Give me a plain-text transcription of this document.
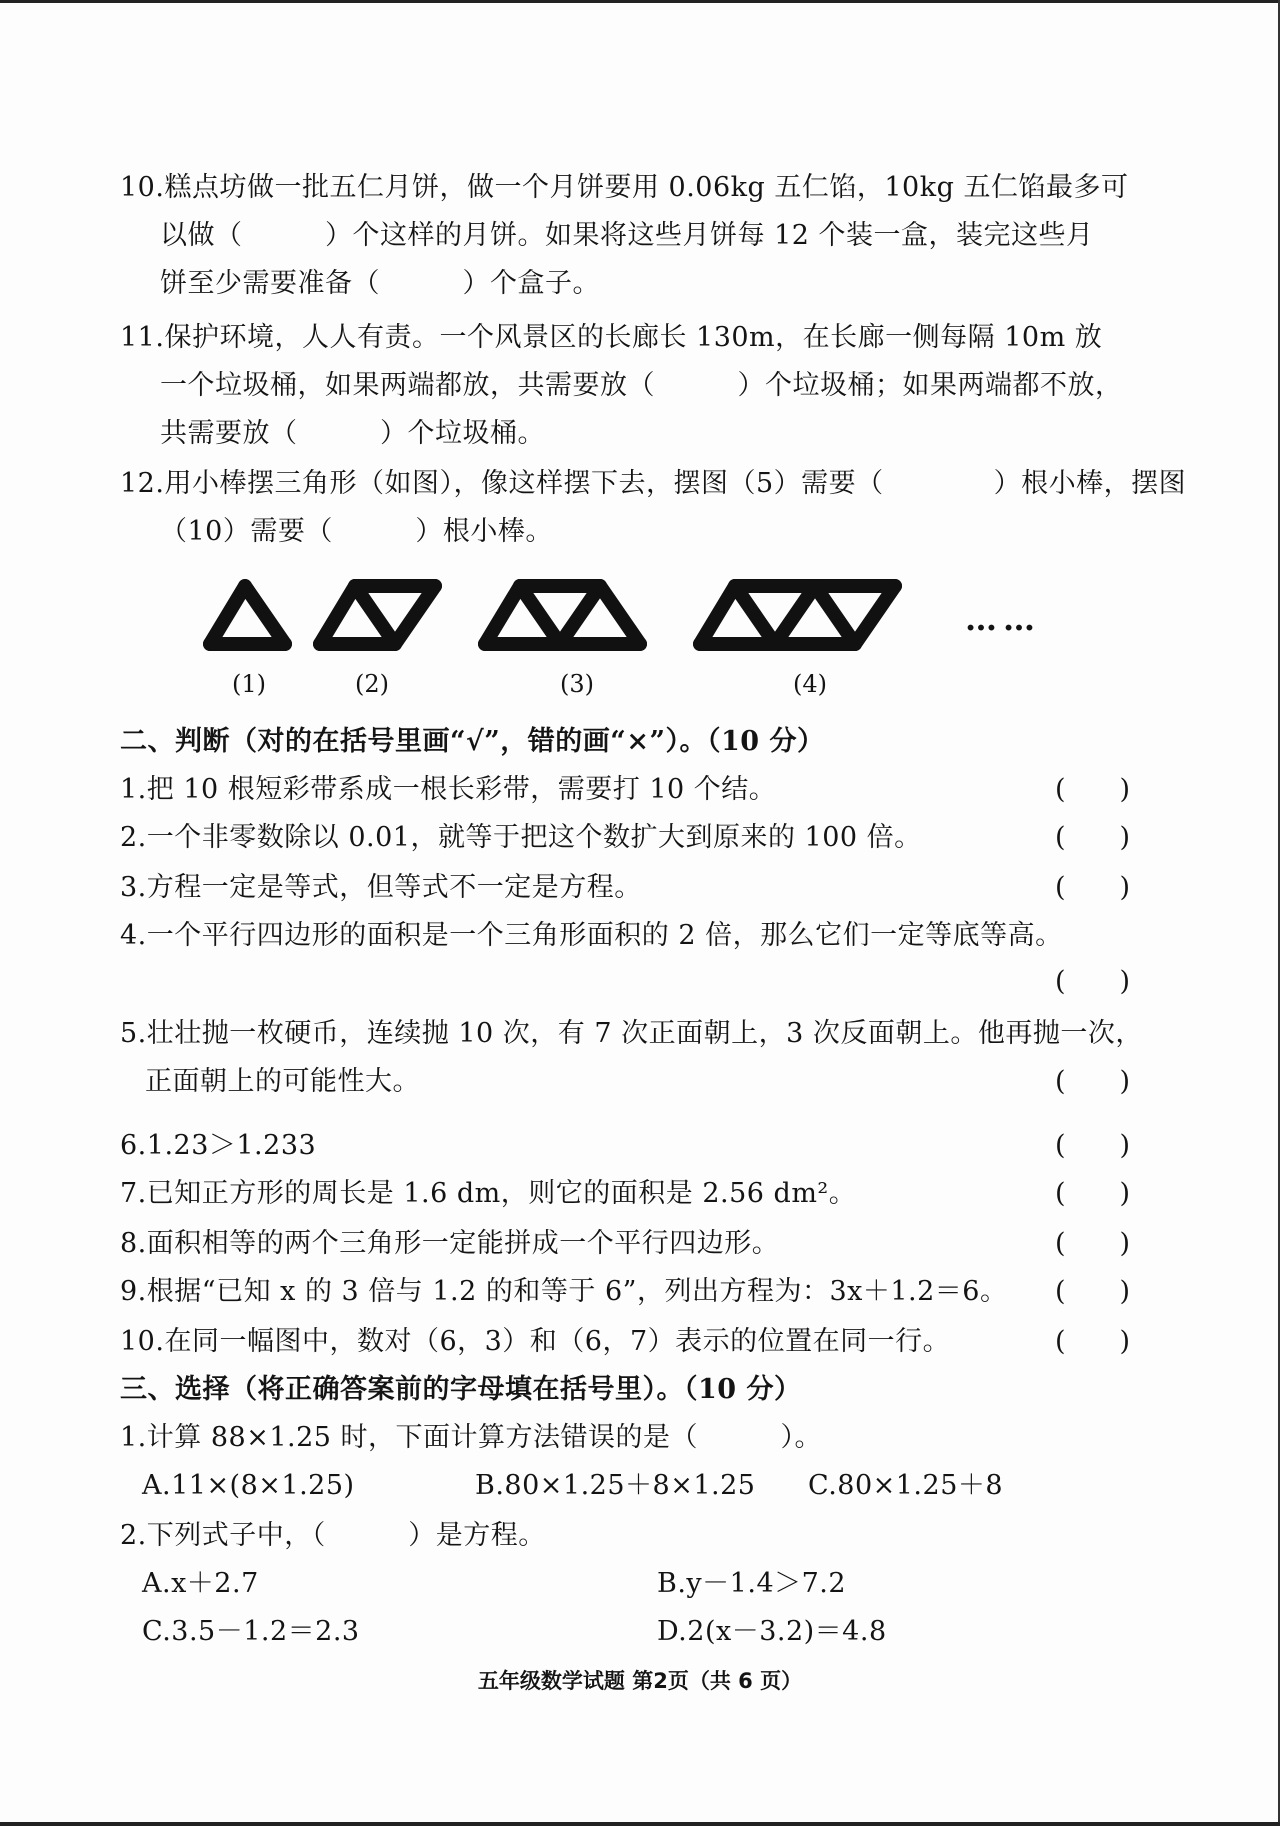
10.糕点坊做一批五仁月饼，做一个月饼要用 0.06kg 五仁馅，10kg 五仁馅最多可
以做（　　　）个这样的月饼。如果将这些月饼每 12 个装一盒，装完这些月
饼至少需要准备（　　　）个盒子。
11.保护环境，人人有责。一个风景区的长廊长 130m，在长廊一侧每隔 10m 放
一个垃圾桶，如果两端都放，共需要放（　　　）个垃圾桶；如果两端都不放，
共需要放（　　　）个垃圾桶。
12.用小棒摆三角形（如图），像这样摆下去，摆图（5）需要（　　　　）根小棒，摆图
（10）需要（　　　）根小棒。
(1)	(2)	(3)	(4)
……
二、判断（对的在括号里画“√”，错的画“×”）。（10 分）
1.把 10 根短彩带系成一根长彩带，需要打 10 个结。	(　　)
2.一个非零数除以 0.01，就等于把这个数扩大到原来的 100 倍。	(　　)
3.方程一定是等式，但等式不一定是方程。	(　　)
4.一个平行四边形的面积是一个三角形面积的 2 倍，那么它们一定等底等高。
(　　)
5.壮壮抛一枚硬币，连续抛 10 次，有 7 次正面朝上，3 次反面朝上。他再抛一次，
正面朝上的可能性大。	(　　)
6.1.23＞1.233	(　　)
7.已知正方形的周长是 1.6 dm，则它的面积是 2.56 dm²。	(　　)
8.面积相等的两个三角形一定能拼成一个平行四边形。	(　　)
9.根据“已知 x 的 3 倍与 1.2 的和等于 6”，列出方程为：3x＋1.2＝6。 (　　)
10.在同一幅图中，数对（6，3）和（6，7）表示的位置在同一行。	(　　)
三、选择（将正确答案前的字母填在括号里）。（10 分）
1.计算 88×1.25 时，下面计算方法错误的是（　　　）。
A.11×(8×1.25)	B.80×1.25＋8×1.25 C.80×1.25＋8
2.下列式子中，（　　　）是方程。
A.x＋2.7	B.y－1.4＞7.2
C.3.5－1.2＝2.3	D.2(x－3.2)＝4.8
五年级数学试题 第2页（共 6 页）
